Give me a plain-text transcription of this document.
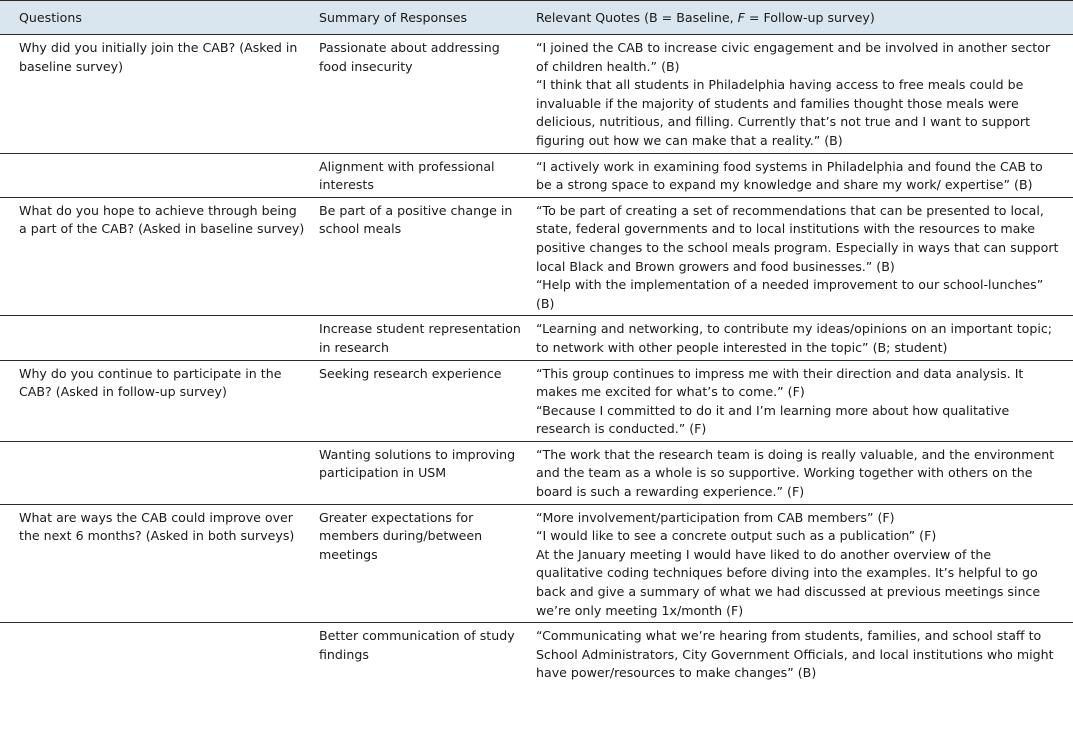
Questions	Summary of Responses	Relevant Quotes (B = Baseline, F = Follow-up survey)
Why did you initially join the CAB? (Asked in baseline survey)	Passionate about addressing food insecurity	“I joined the CAB to increase civic engagement and be involved in another sector of children health.” (B)
“I think that all students in Philadelphia having access to free meals could be invaluable if the majority of students and families thought those meals were delicious, nutritious, and filling. Currently that’s not true and I want to support figuring out how we can make that a reality.” (B)

	Alignment with professional interests	“I actively work in examining food systems in Philadelphia and found the CAB to be a strong space to expand my knowledge and share my work/ expertise” (B)

What do you hope to achieve through being a part of the CAB? (Asked in baseline survey)	Be part of a positive change in school meals	“To be part of creating a set of recommendations that can be presented to local, state, federal governments and to local institutions with the resources to make positive changes to the school meals program. Especially in ways that can support local Black and Brown growers and food businesses.” (B)
“Help with the implementation of a needed improvement to our school-lunches” (B)

	Increase student representation in research	“Learning and networking, to contribute my ideas/opinions on an important topic; to network with other people interested in the topic” (B; student)

Why do you continue to participate in the CAB? (Asked in follow-up survey)	Seeking research experience	“This group continues to impress me with their direction and data analysis. It makes me excited for what’s to come.” (F)
“Because I committed to do it and I’m learning more about how qualitative research is conducted.” (F)

	Wanting solutions to improving participation in USM	“The work that the research team is doing is really valuable, and the environment and the team as a whole is so supportive. Working together with others on the board is such a rewarding experience.” (F)

What are ways the CAB could improve over the next 6 months? (Asked in both surveys)	Greater expectations for members during/between meetings	“More involvement/participation from CAB members” (F)
“I would like to see a concrete output such as a publication” (F)
At the January meeting I would have liked to do another overview of the qualitative coding techniques before diving into the examples. It’s helpful to go back and give a summary of what we had discussed at previous meetings since we’re only meeting 1x/month (F)

	Better communication of study findings	“Communicating what we’re hearing from students, families, and school staff to School Administrators, City Government Officials, and local institutions who might have power/resources to make changes” (B)
